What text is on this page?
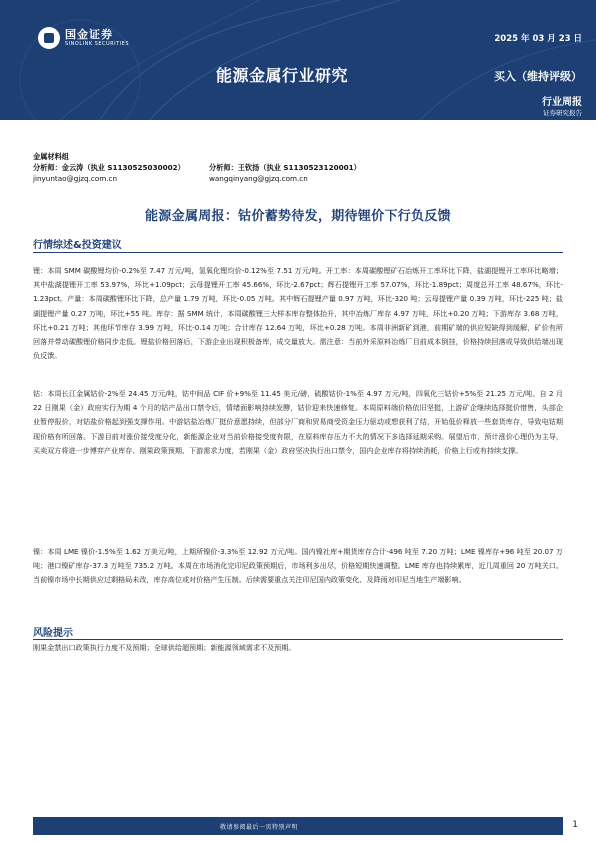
国金证券
SINOLINK SECURITIES	2025 年 03 月 23 日
能源金属行业研究	买入（维持评级）
行业周报
证券研究报告
金属材料组
分析师：金云涛（执业 S1130525030002）	分析师：王钦扬（执业 S1130523120001）
jinyuntao@gjzq.com.cn	wangqinyang@gjzq.com.cn
能源金属周报：钴价蓄势待发，期待锂价下行负反馈
行情综述&投资建议
锂：本周 SMM 碳酸锂均价-0.2%至 7.47 万元/吨，氢氧化锂均价-0.12%至 7.51 万元/吨。开工率：本周碳酸锂矿石冶炼开工率环比下降，盐湖提锂开工率环比略增；其中盐湖提锂开工率 53.97%，环比+1.09pct；云母提锂开工率 45.66%，环比-2.67pct；辉石提锂开工率 57.07%，环比-1.89pct；周度总开工率 48.67%，环比-1.23pct。产量：本周碳酸锂环比下降，总产量 1.79 万吨，环比-0.05 万吨。其中辉石提锂产量 0.97 万吨，环比-320 吨；云母提锂产量 0.39 万吨，环比-225 吨；盐湖提锂产量 0.27 万吨，环比+55 吨。库存：据 SMM 统计，本周碳酸锂三大样本库存整体抬升，其中冶炼厂库存 4.97 万吨，环比+0.20 万吨；下游库存 3.68 万吨，环比+0.21 万吨；其他环节库存 3.99 万吨，环比-0.14 万吨；合计库存 12.64 万吨，环比+0.28 万吨。本周非洲新矿到港，前期矿端的供应短缺得到缓解，矿价有所回落并带动碳酸锂价格同步走低。锂盐价格回落后，下游企业出现积极备库，成交量放大。需注意：当前外采原料冶炼厂目前成本倒挂，价格持续回落或导致供给端出现负反馈。
钴：本周长江金属钴价-2%至 24.45 万元/吨，钴中间品 CIF 价+9%至 11.45 美元/磅，硫酸钴价-1%至 4.97 万元/吨，四氧化三钴价+5%至 21.25 万元/吨。自 2 月 22 日刚果（金）政府实行为期 4 个月的钴产品出口禁令后，情绪面影响持续发酵，钴价迎来快速修复。本周原料端价格依旧坚挺，上游矿企继续选择挺价惜售，头部企业暂停报价，对钴盐价格起到强支撑作用。中游钴盐冶炼厂挺价意愿持续，但部分厂商和贸易商受资金压力驱动或想获利了结，开始低价释放一些套货库存，导致电钴期现价格有所回落。下游目前对涨价接受度分化，新能源企业对当前价格接受度有限，在原料库存压力不大的情况下多选择延期采购。展望后市，预计涨价心理仍为主导，买卖双方将进一步博弈产业库存、刚果政策预期、下游需求力度，若刚果（金）政府坚决执行出口禁令，国内企业库存将持续消耗，价格上行或有持续支撑。
镍：本周 LME 镍价-1.5%至 1.62 万美元/吨，上期所镍价-3.3%至 12.92 万元/吨。国内镍社库+期货库存合计-496 吨至 7.20 万吨；LME 镍库存+96 吨至 20.07 万吨；港口镍矿库存-37.3 万吨至 735.2 万吨。本周在市场消化完印尼政策预期后，市场利多出尽，价格短期快速调整。LME 库存也持续累库，近几周重回 20 万吨关口。当前镍市场中长期供应过剩格局未改，库存高位或对价格产生压制。后续需要重点关注印尼国内政策变化、及降雨对印尼当地生产端影响。
风险提示
刚果金禁出口政策执行力度不及预期；全球供给超预期；新能源领域需求不及预期。
敬请参阅最后一页特别声明	1
